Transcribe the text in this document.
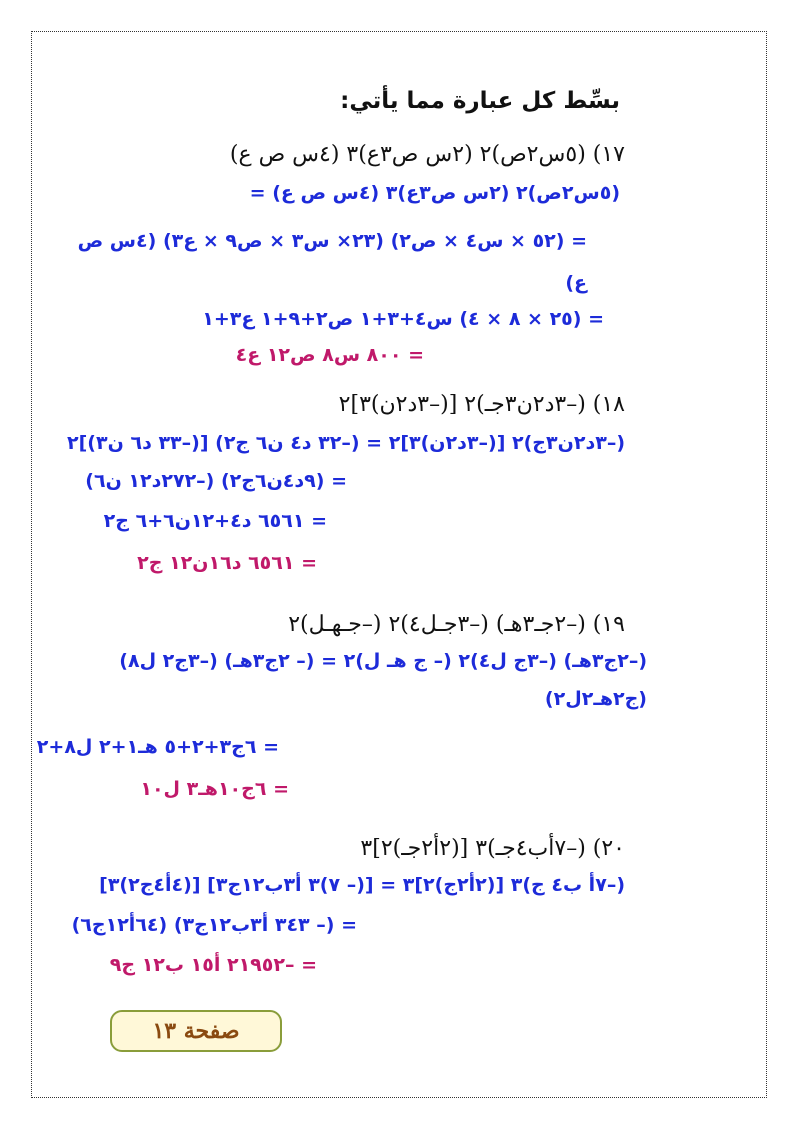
بسِّط كل عبارة مما يأتي:
١٧) (٥س٢ص)٢ (٢س ص٣ع)٣ (٤س ص ع)
(٥س٢ص)٢ (٢س ص٣ع)٣ (٤س ص ع) =
= (٥٢ × س٤ × ص٢) (٢٣× س٣ × ص٩ × ع٣) (٤س ص
ع)
= (٢٥ × ٨ × ٤) س٤+٣+١ ص٢+٩+١ ع٣+١
= ٨٠٠ س٨ ص١٢ ع٤
١٨) (–٣د٢ن٣جـ)٢ [(–٣د٢ن)٣]٢
(–٣د٢ن٣ج)٢ [(–٣د٢ن)٣]٢ = (–٣٢ د٤ ن٦ ج٢) [(–٣٣ د٦ ن٣)]٢
= (٩د٤ن٦ج٢) (–٢٧٢د١٢ ن٦)
= ٦٥٦١ د٤+١٢ن٦+٦ ج٢
= ٦٥٦١ د١٦ن١٢ ج٢
١٩) (–٢جـ٣هـ) (–٣جـل٤)٢ (–جـهـل)٢
(–٢ج٣هـ) (–٣ج ل٤)٢ (– ج هـ ل)٢ = (– ٢ج٣هـ) (–٣ج٢ ل٨)
(ج٢هـ٢ل٢)
= ٦ج٣+٢+٥ هـ١+٢ ل٨+٢
= ٦ج١٠هـ٣ ل١٠
٢٠) (–٧أب٤جـ)٣ [(٢أ٢جـ)٢]٣
(–٧أ ب٤ ج)٣ [(٢أ٢ج)٢]٣ = [(– ٧)٣ أ٣ب١٢ج٣] [(٤أ٤ج٢)٣]
= (– ٣٤٣ أ٣ب١٢ج٣) (٦٤أ١٢ج٦)
= –٢١٩٥٢ أ١٥ ب١٢ ج٩
صفحة ١٣
